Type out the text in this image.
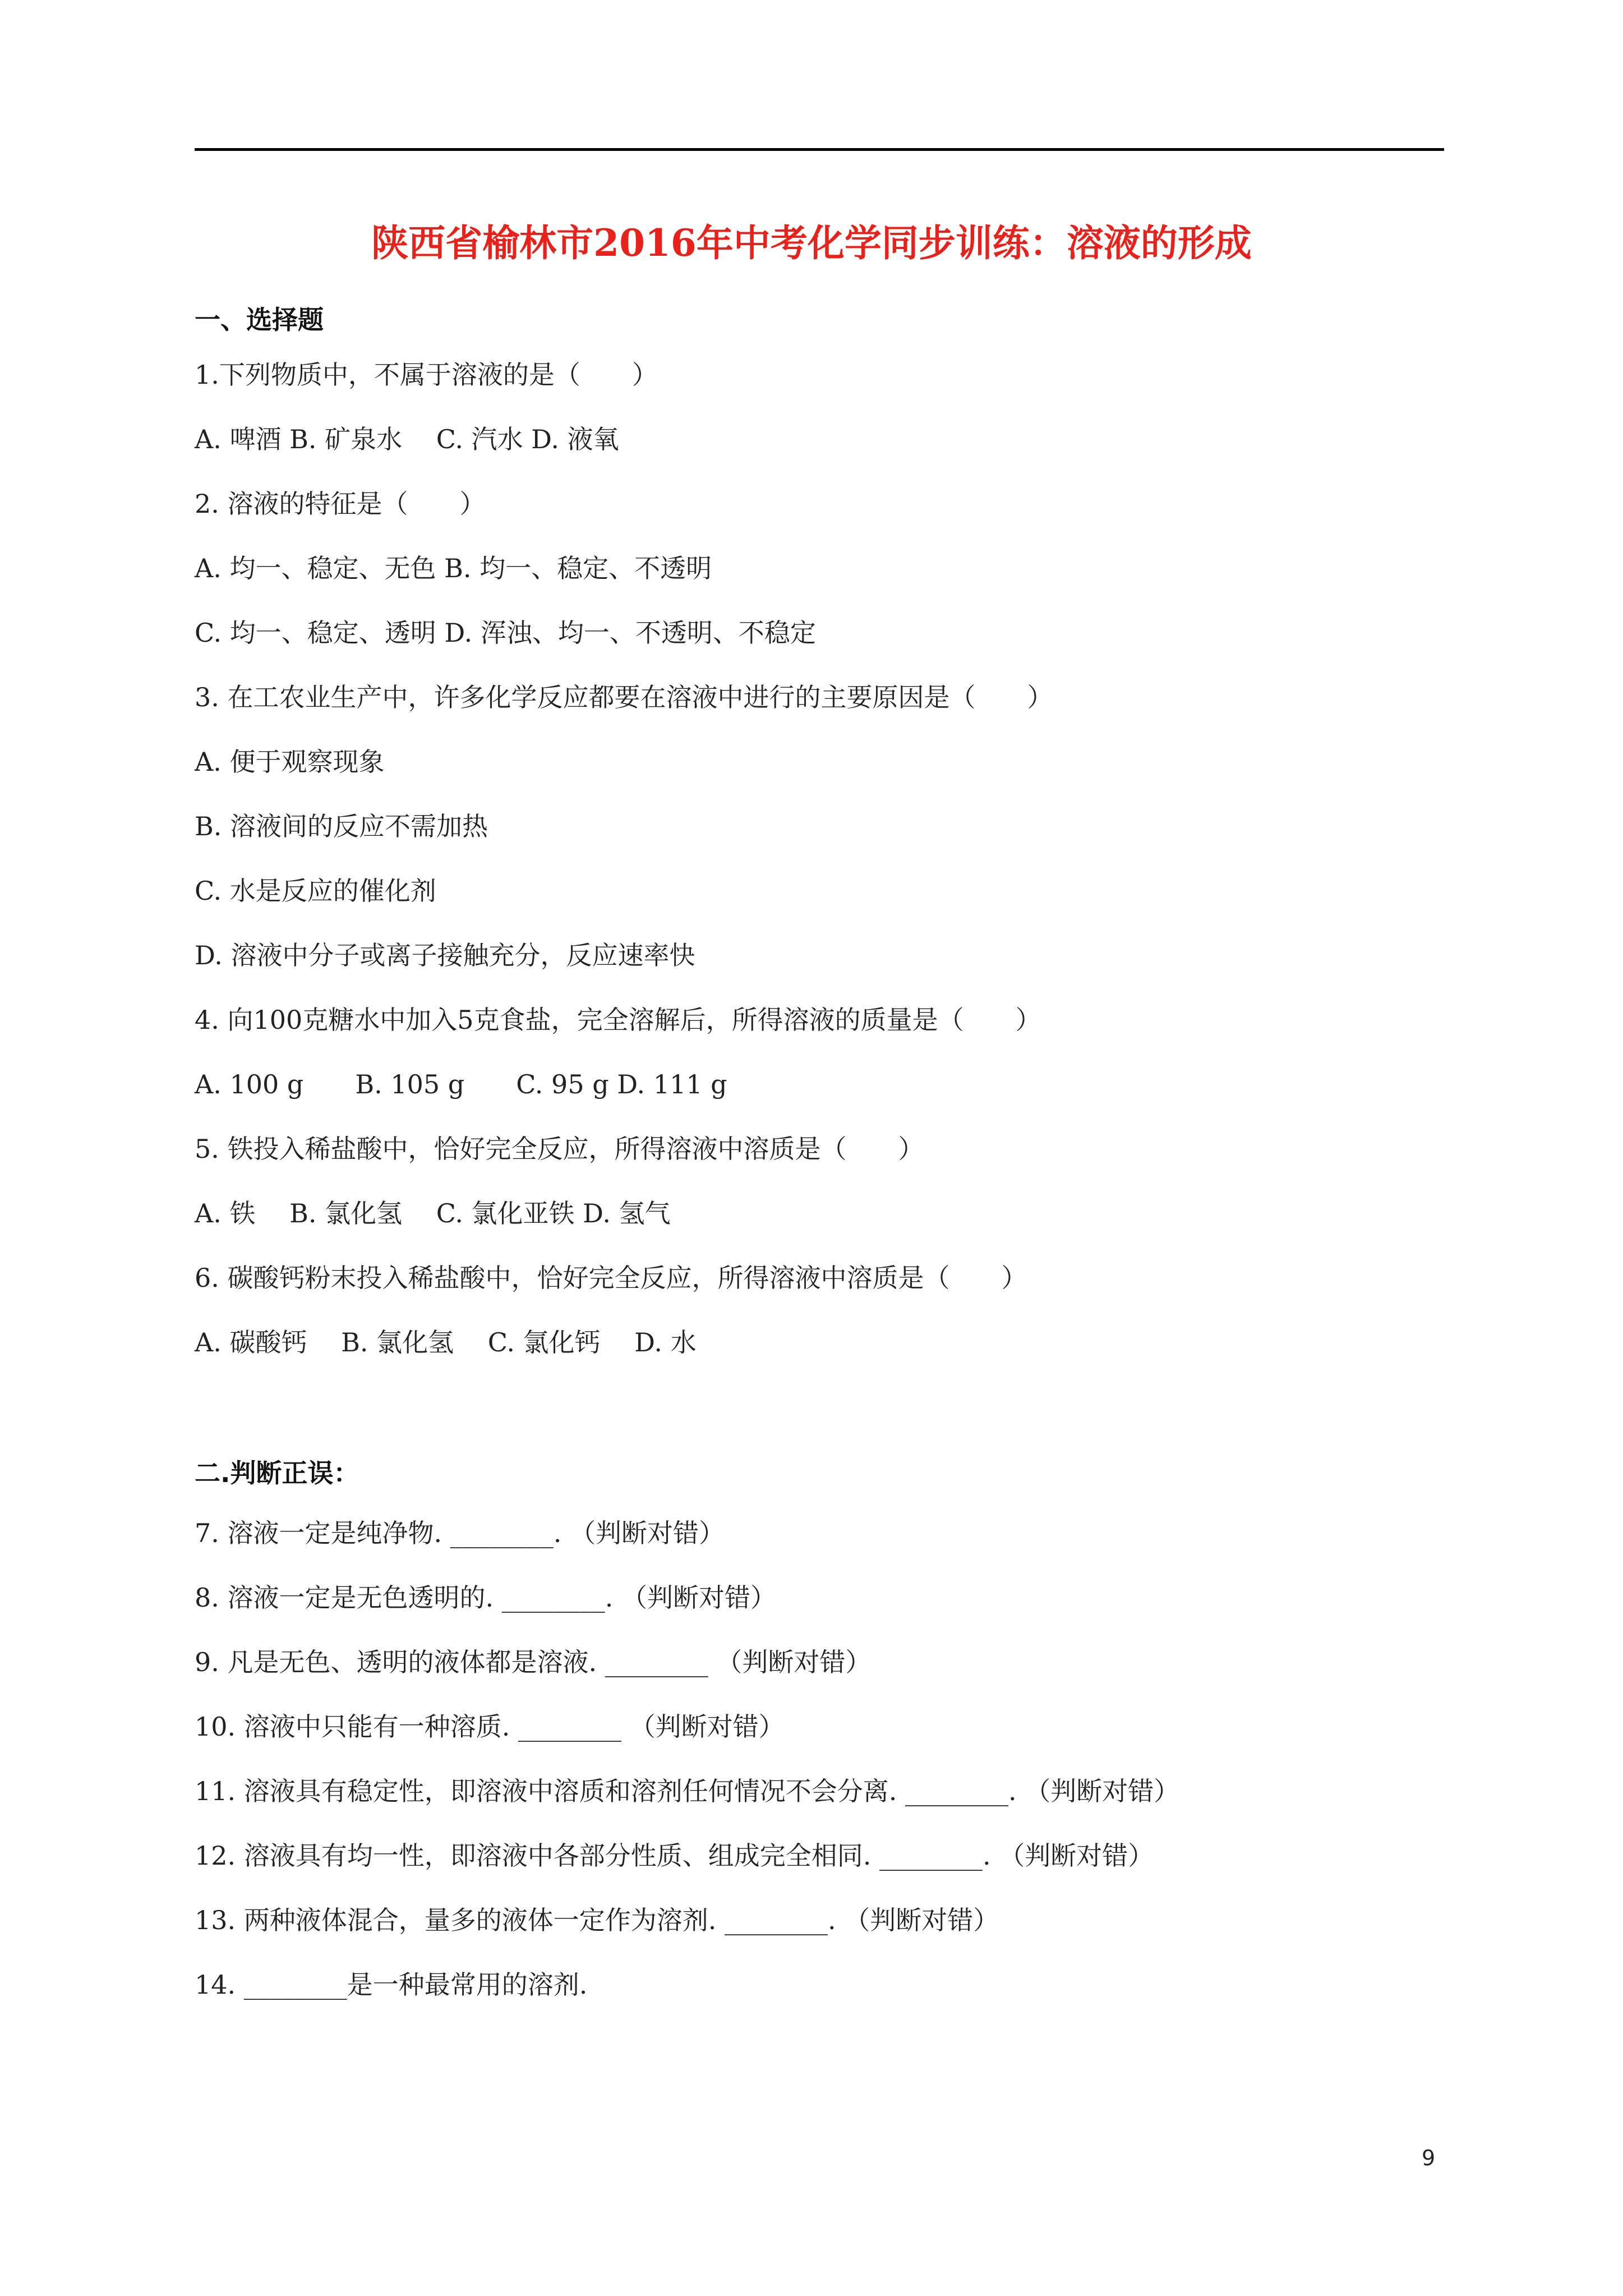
陕西省榆林市2016年中考化学同步训练：溶液的形成
一、选择题
1.下列物质中，不属于溶液的是（　　）
A. 啤酒 B. 矿泉水　 C. 汽水 D. 液氧
2. 溶液的特征是（　　）
A. 均一、稳定、无色 B. 均一、稳定、不透明
C. 均一、稳定、透明 D. 浑浊、均一、不透明、不稳定
3. 在工农业生产中，许多化学反应都要在溶液中进行的主要原因是（　　）
A. 便于观察现象
B. 溶液间的反应不需加热
C. 水是反应的催化剂
D. 溶液中分子或离子接触充分，反应速率快
4. 向100克糖水中加入5克食盐，完全溶解后，所得溶液的质量是（　　）
A. 100 g　　B. 105 g　　C. 95 g D. 111 g
5. 铁投入稀盐酸中，恰好完全反应，所得溶液中溶质是（　　）
A. 铁　 B. 氯化氢　 C. 氯化亚铁 D. 氢气
6. 碳酸钙粉末投入稀盐酸中，恰好完全反应，所得溶液中溶质是（　　）
A. 碳酸钙　 B. 氯化氢　 C. 氯化钙　 D. 水
二.判断正误：
7. 溶液一定是纯净物. ________. （判断对错）
8. 溶液一定是无色透明的. ________. （判断对错）
9. 凡是无色、透明的液体都是溶液. ________ （判断对错）
10. 溶液中只能有一种溶质. ________ （判断对错）
11. 溶液具有稳定性，即溶液中溶质和溶剂任何情况不会分离. ________. （判断对错）
12. 溶液具有均一性，即溶液中各部分性质、组成完全相同. ________. （判断对错）
13. 两种液体混合，量多的液体一定作为溶剂. ________. （判断对错）
14. ________是一种最常用的溶剂.
9
